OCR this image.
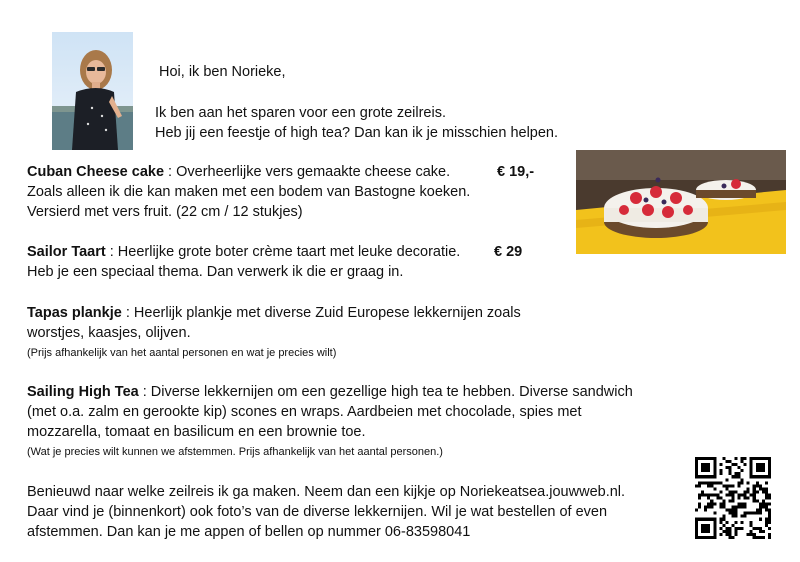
Hoi, ik ben Norieke,
Ik ben aan het sparen voor een grote zeilreis.
Heb jij een feestje of high tea? Dan kan ik je misschien helpen.
Cuban Cheese cake : Overheerlijke vers gemaakte cheese cake.	€ 19,-
Zoals alleen ik die kan maken met een bodem van Bastogne koeken.
Versierd met vers fruit. (22 cm / 12 stukjes)
Sailor Taart : Heerlijke grote boter crème taart met leuke decoratie. € 29
Heb je een speciaal thema. Dan verwerk ik die er graag in.
Tapas plankje : Heerlijk plankje met diverse Zuid Europese lekkernijen zoals
worstjes, kaasjes, olijven.
(Prijs afhankelijk van het aantal personen en wat je precies wilt)
Sailing High Tea : Diverse lekkernijen om een gezellige high tea te hebben. Diverse sandwich
(met o.a. zalm en gerookte kip) scones en wraps. Aardbeien met chocolade, spies met
mozzarella, tomaat en basilicum en een brownie toe.
(Wat je precies wilt kunnen we afstemmen. Prijs afhankelijk van het aantal personen.)
Benieuwd naar welke zeilreis ik ga maken. Neem dan een kijkje op Noriekeatsea.jouwweb.nl.
Daar vind je (binnenkort) ook foto’s van de diverse lekkernijen. Wil je wat bestellen of even
afstemmen. Dan kan je me appen of bellen op nummer 06-83598041
